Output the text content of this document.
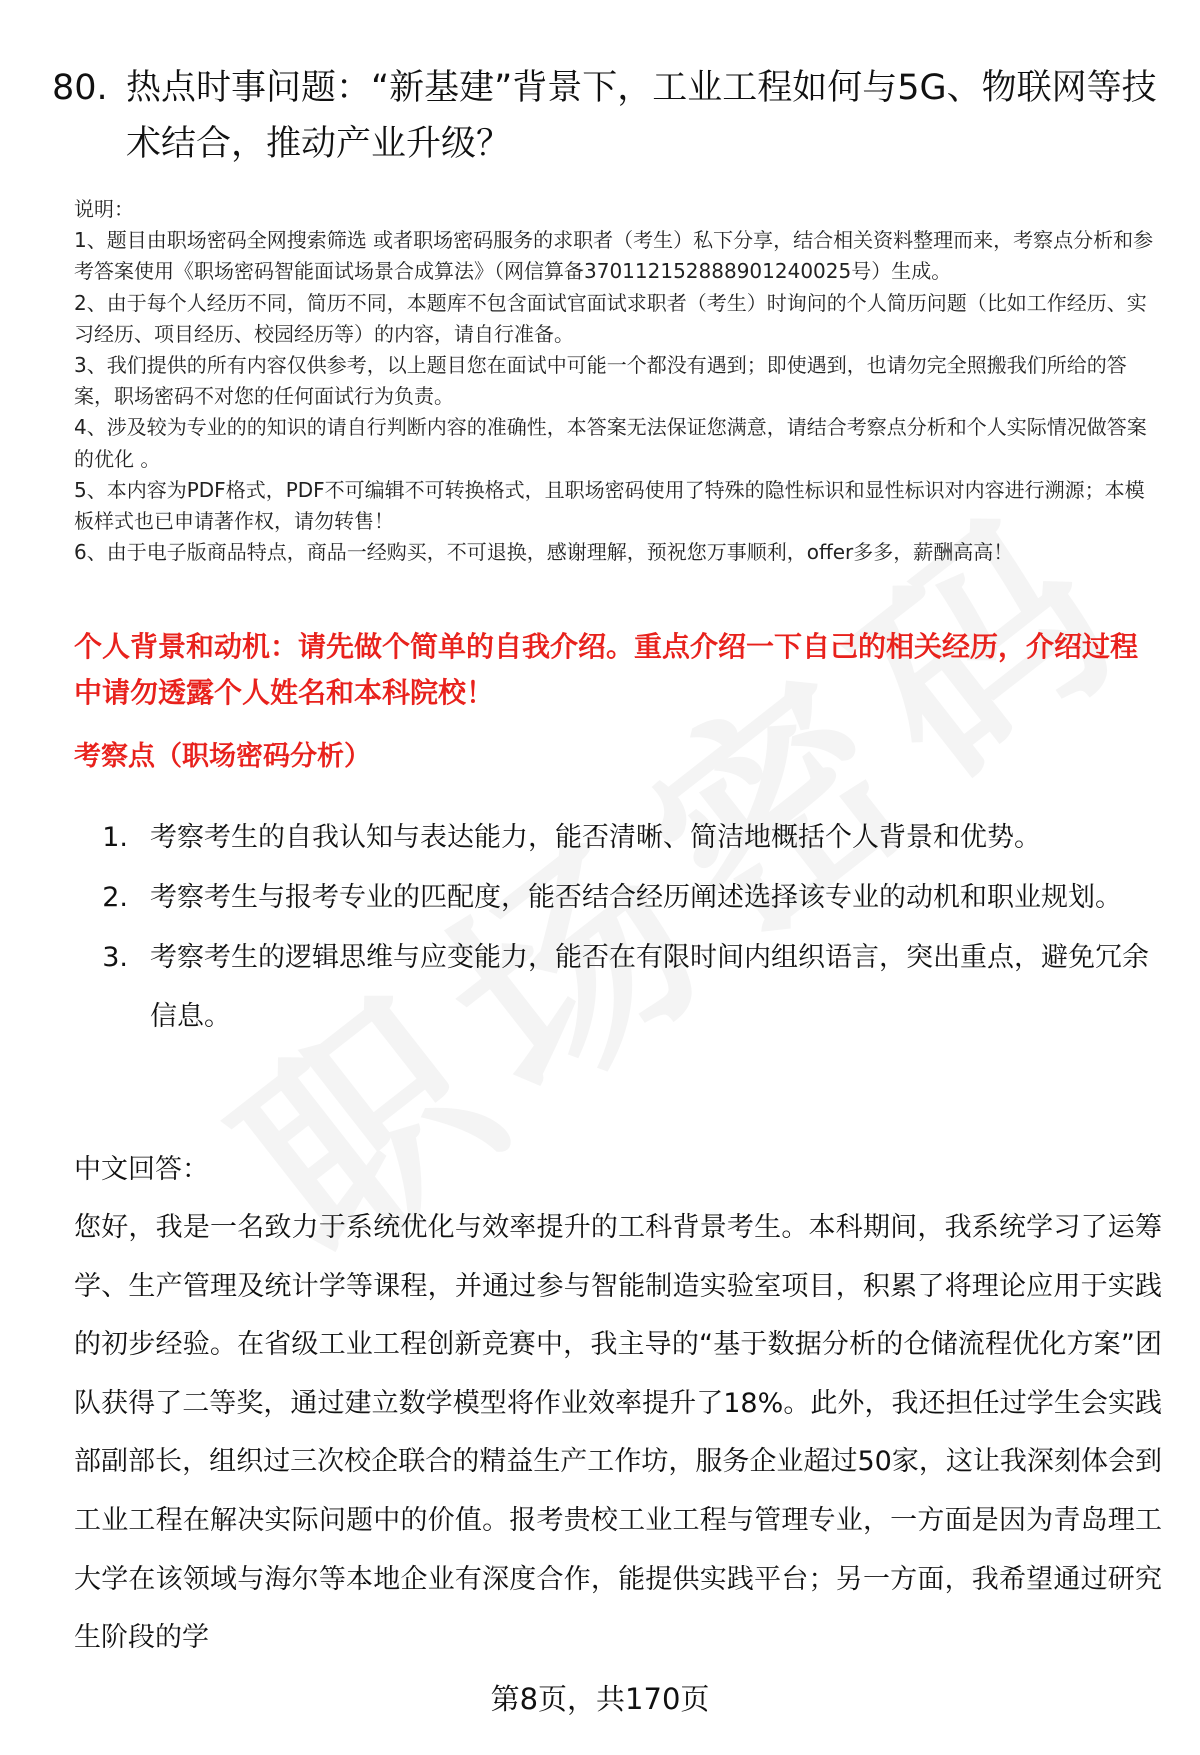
80. 热点时事问题：“新基建”背景下，工业工程如何与5G、物联网等技术结合，推动产业升级？

说明：

1、题目由职场密码全网搜索筛选 或者职场密码服务的求职者（考生）私下分享，结合相关资料整理而来，考察点分析和参考答案使用《职场密码智能面试场景合成算法》（网信算备370112152888901240025号）生成。

2、由于每个人经历不同，简历不同，本题库不包含面试官面试求职者（考生）时询问的个人简历问题（比如工作经历、实习经历、项目经历、校园经历等）的内容，请自行准备。

3、我们提供的所有内容仅供参考，以上题目您在面试中可能一个都没有遇到；即使遇到，也请勿完全照搬我们所给的答案，职场密码不对您的任何面试行为负责。

4、涉及较为专业的的知识的请自行判断内容的准确性，本答案无法保证您满意，请结合考察点分析和个人实际情况做答案的优化 。

5、本内容为PDF格式，PDF不可编辑不可转换格式，且职场密码使用了特殊的隐性标识和显性标识对内容进行溯源；本模板样式也已申请著作权，请勿转售！

6、由于电子版商品特点，商品一经购买，不可退换，感谢理解，预祝您万事顺利，offer多多，薪酬高高！

个人背景和动机：请先做个简单的自我介绍。重点介绍一下自己的相关经历，介绍过程中请勿透露个人姓名和本科院校！
考察点（职场密码分析）
1. 考察考生的自我认知与表达能力，能否清晰、简洁地概括个人背景和优势。
2. 考察考生与报考专业的匹配度，能否结合经历阐述选择该专业的动机和职业规划。
3. 考察考生的逻辑思维与应变能力，能否在有限时间内组织语言，突出重点，避免冗余信息。
中文回答：
您好，我是一名致力于系统优化与效率提升的工科背景考生。本科期间，我系统学习了运筹学、生产管理及统计学等课程，并通过参与智能制造实验室项目，积累了将理论应用于实践的初步经验。在省级工业工程创新竞赛中，我主导的“基于数据分析的仓储流程优化方案”团队获得了二等奖，通过建立数学模型将作业效率提升了18%。此外，我还担任过学生会实践部副部长，组织过三次校企联合的精益生产工作坊，服务企业超过50家，这让我深刻体会到工业工程在解决实际问题中的价值。报考贵校工业工程与管理专业，一方面是因为青岛理工大学在该领域与海尔等本地企业有深度合作，能提供实践平台；另一方面，我希望通过研究生阶段的学
第8页，共170页
